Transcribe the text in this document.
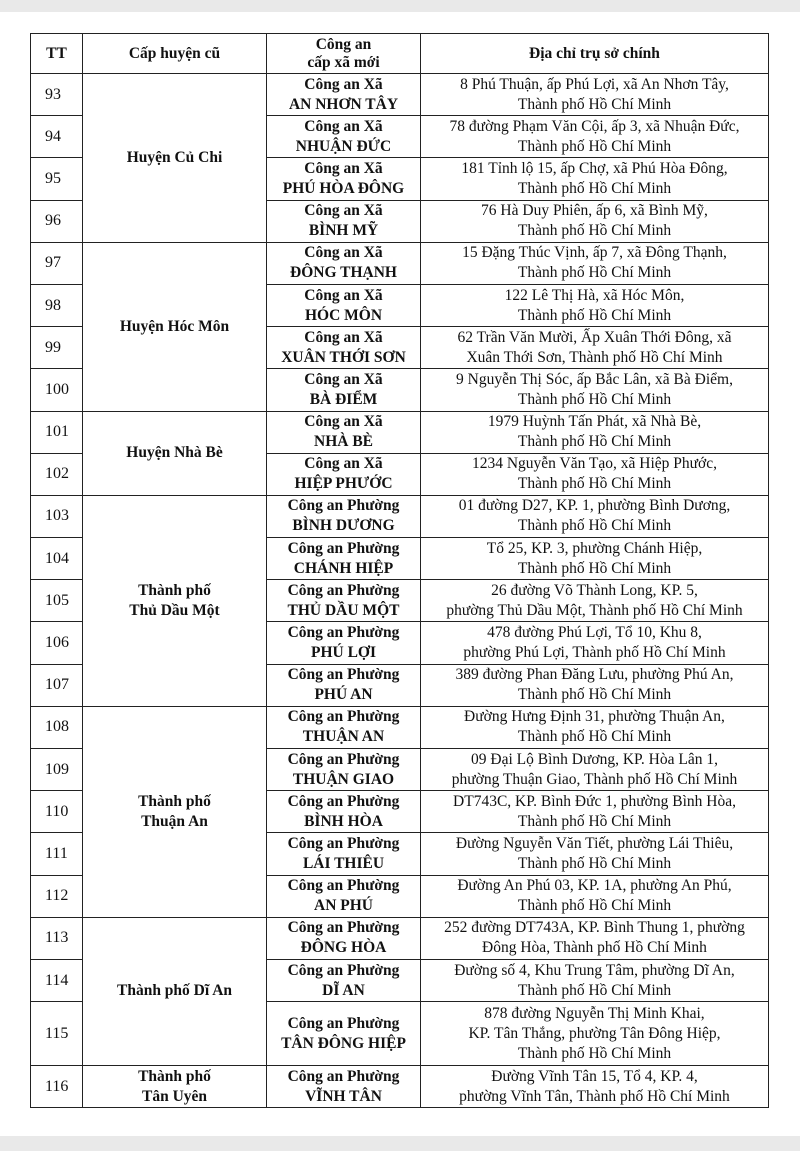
TT	Cấp huyện cũ	Công an
cấp xã mới	Địa chỉ trụ sở chính
93	Huyện Củ Chi	Công an Xã
AN NHƠN TÂY	8 Phú Thuận, ấp Phú Lợi, xã An Nhơn Tây,
Thành phố Hồ Chí Minh

94		Công an Xã
NHUẬN ĐỨC	78 đường Phạm Văn Cội, ấp 3, xã Nhuận Đức,
Thành phố Hồ Chí Minh

95		Công an Xã
PHÚ HÒA ĐÔNG	181 Tỉnh lộ 15, ấp Chợ, xã Phú Hòa Đông,
Thành phố Hồ Chí Minh

96		Công an Xã
BÌNH MỸ	76 Hà Duy Phiên, ấp 6, xã Bình Mỹ,
Thành phố Hồ Chí Minh

97	Huyện Hóc Môn	Công an Xã
ĐÔNG THẠNH	15 Đặng Thúc Vịnh, ấp 7, xã Đông Thạnh,
Thành phố Hồ Chí Minh

98		Công an Xã
HÓC MÔN	122 Lê Thị Hà, xã Hóc Môn,
Thành phố Hồ Chí Minh

99		Công an Xã
XUÂN THỚI SƠN	62 Trần Văn Mười, Ấp Xuân Thới Đông, xã
Xuân Thới Sơn, Thành phố Hồ Chí Minh

100		Công an Xã
BÀ ĐIỂM	9 Nguyễn Thị Sóc, ấp Bắc Lân, xã Bà Điểm,
Thành phố Hồ Chí Minh

101	Huyện Nhà Bè	Công an Xã
NHÀ BÈ	1979 Huỳnh Tấn Phát, xã Nhà Bè,
Thành phố Hồ Chí Minh

102		Công an Xã
HIỆP PHƯỚC	1234 Nguyễn Văn Tạo, xã Hiệp Phước,
Thành phố Hồ Chí Minh

103	Thành phố
Thủ Dầu Một	Công an Phường
BÌNH DƯƠNG	01 đường D27, KP. 1, phường Bình Dương,
Thành phố Hồ Chí Minh

104		Công an Phường
CHÁNH HIỆP	Tổ 25, KP. 3, phường Chánh Hiệp,
Thành phố Hồ Chí Minh

105		Công an Phường
THỦ DẦU MỘT	26 đường Võ Thành Long, KP. 5,
phường Thủ Dầu Một, Thành phố Hồ Chí Minh

106		Công an Phường
PHÚ LỢI	478 đường Phú Lợi, Tổ 10, Khu 8,
phường Phú Lợi, Thành phố Hồ Chí Minh

107		Công an Phường
PHÚ AN	389 đường Phan Đăng Lưu, phường Phú An,
Thành phố Hồ Chí Minh

108	Thành phố
Thuận An	Công an Phường
THUẬN AN	Đường Hưng Định 31, phường Thuận An,
Thành phố Hồ Chí Minh

109		Công an Phường
THUẬN GIAO	09 Đại Lộ Bình Dương, KP. Hòa Lân 1,
phường Thuận Giao, Thành phố Hồ Chí Minh

110		Công an Phường
BÌNH HÒA	DT743C, KP. Bình Đức 1, phường Bình Hòa,
Thành phố Hồ Chí Minh

111		Công an Phường
LÁI THIÊU	Đường Nguyễn Văn Tiết, phường Lái Thiêu,
Thành phố Hồ Chí Minh

112		Công an Phường
AN PHÚ	Đường An Phú 03, KP. 1A, phường An Phú,
Thành phố Hồ Chí Minh

113	Thành phố Dĩ An	Công an Phường
ĐÔNG HÒA	252 đường DT743A, KP. Bình Thung 1, phường
Đông Hòa, Thành phố Hồ Chí Minh

114		Công an Phường
DĨ AN	Đường số 4, Khu Trung Tâm, phường Dĩ An,
Thành phố Hồ Chí Minh

115		Công an Phường
TÂN ĐÔNG HIỆP	878 đường Nguyễn Thị Minh Khai,
KP. Tân Thắng, phường Tân Đông Hiệp,
Thành phố Hồ Chí Minh

116	Thành phố
Tân Uyên	Công an Phường
VĨNH TÂN	Đường Vĩnh Tân 15, Tổ 4, KP. 4,
phường Vĩnh Tân, Thành phố Hồ Chí Minh
